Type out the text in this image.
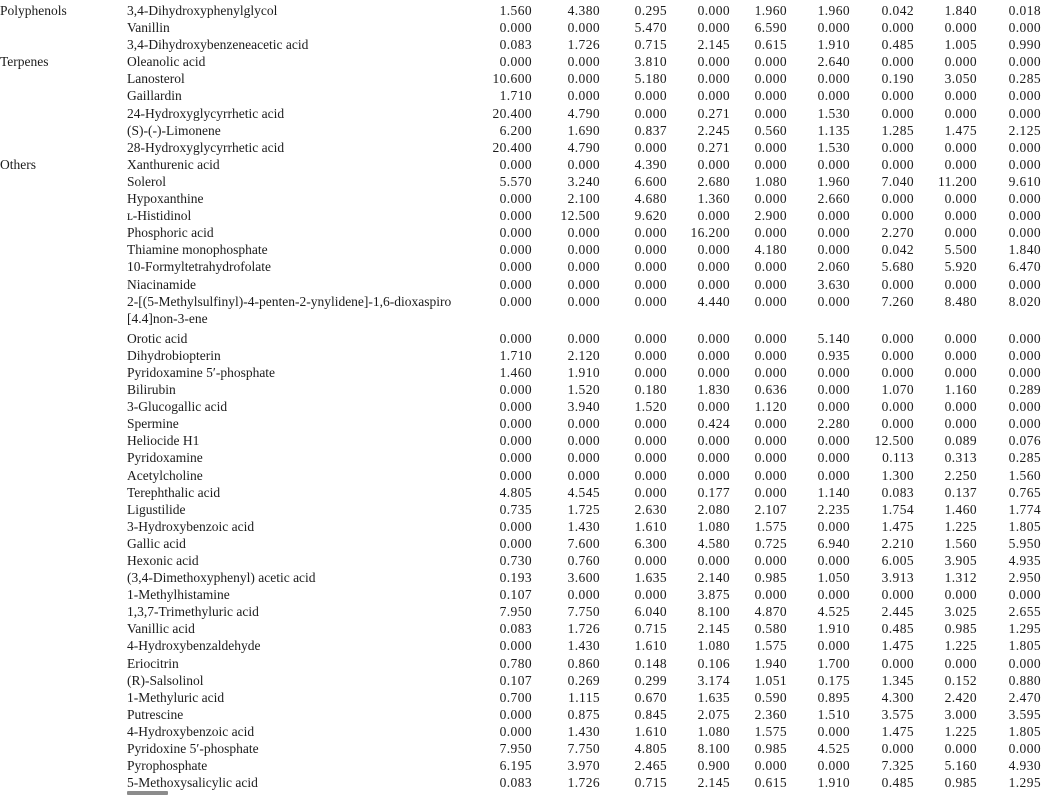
Polyphenols	3,4-Dihydroxyphenylglycol	1.560	4.380	0.295	0.000	1.960	1.960	0.042	1.840	0.018
	Vanillin	0.000	0.000	5.470	0.000	6.590	0.000	0.000	0.000	0.000
	3,4-Dihydroxybenzeneacetic acid	0.083	1.726	0.715	2.145	0.615	1.910	0.485	1.005	0.990
Terpenes	Oleanolic acid	0.000	0.000	3.810	0.000	0.000	2.640	0.000	0.000	0.000
	Lanosterol	10.600	0.000	5.180	0.000	0.000	0.000	0.190	3.050	0.285
	Gaillardin	1.710	0.000	0.000	0.000	0.000	0.000	0.000	0.000	0.000
	24-Hydroxyglycyrrhetic acid	20.400	4.790	0.000	0.271	0.000	1.530	0.000	0.000	0.000
	(S)-(-)-Limonene	6.200	1.690	0.837	2.245	0.560	1.135	1.285	1.475	2.125
	28-Hydroxyglycyrrhetic acid	20.400	4.790	0.000	0.271	0.000	1.530	0.000	0.000	0.000
Others	Xanthurenic acid	0.000	0.000	4.390	0.000	0.000	0.000	0.000	0.000	0.000
	Solerol	5.570	3.240	6.600	2.680	1.080	1.960	7.040	11.200	9.610
	Hypoxanthine	0.000	2.100	4.680	1.360	0.000	2.660	0.000	0.000	0.000
	ʟ-Histidinol	0.000	12.500	9.620	0.000	2.900	0.000	0.000	0.000	0.000
	Phosphoric acid	0.000	0.000	0.000	16.200	0.000	0.000	2.270	0.000	0.000
	Thiamine monophosphate	0.000	0.000	0.000	0.000	4.180	0.000	0.042	5.500	1.840
	10-Formyltetrahydrofolate	0.000	0.000	0.000	0.000	0.000	2.060	5.680	5.920	6.470
	Niacinamide	0.000	0.000	0.000	0.000	0.000	3.630	0.000	0.000	0.000
	2-[(5-Methylsulfinyl)-4-penten-2-ynylidene]-1,6-dioxaspiro
[4.4]non-3-ene	0.000	0.000	0.000	4.440	0.000	0.000	7.260	8.480	8.020
	Orotic acid	0.000	0.000	0.000	0.000	0.000	5.140	0.000	0.000	0.000
	Dihydrobiopterin	1.710	2.120	0.000	0.000	0.000	0.935	0.000	0.000	0.000
	Pyridoxamine 5′-phosphate	1.460	1.910	0.000	0.000	0.000	0.000	0.000	0.000	0.000
	Bilirubin	0.000	1.520	0.180	1.830	0.636	0.000	1.070	1.160	0.289
	3-Glucogallic acid	0.000	3.940	1.520	0.000	1.120	0.000	0.000	0.000	0.000
	Spermine	0.000	0.000	0.000	0.424	0.000	2.280	0.000	0.000	0.000
	Heliocide H1	0.000	0.000	0.000	0.000	0.000	0.000	12.500	0.089	0.076
	Pyridoxamine	0.000	0.000	0.000	0.000	0.000	0.000	0.113	0.313	0.285
	Acetylcholine	0.000	0.000	0.000	0.000	0.000	0.000	1.300	2.250	1.560
	Terephthalic acid	4.805	4.545	0.000	0.177	0.000	1.140	0.083	0.137	0.765
	Ligustilide	0.735	1.725	2.630	2.080	2.107	2.235	1.754	1.460	1.774
	3-Hydroxybenzoic acid	0.000	1.430	1.610	1.080	1.575	0.000	1.475	1.225	1.805
	Gallic acid	0.000	7.600	6.300	4.580	0.725	6.940	2.210	1.560	5.950
	Hexonic acid	0.730	0.760	0.000	0.000	0.000	0.000	6.005	3.905	4.935
	(3,4-Dimethoxyphenyl) acetic acid	0.193	3.600	1.635	2.140	0.985	1.050	3.913	1.312	2.950
	1-Methylhistamine	0.107	0.000	0.000	3.875	0.000	0.000	0.000	0.000	0.000
	1,3,7-Trimethyluric acid	7.950	7.750	6.040	8.100	4.870	4.525	2.445	3.025	2.655
	Vanillic acid	0.083	1.726	0.715	2.145	0.580	1.910	0.485	0.985	1.295
	4-Hydroxybenzaldehyde	0.000	1.430	1.610	1.080	1.575	0.000	1.475	1.225	1.805
	Eriocitrin	0.780	0.860	0.148	0.106	1.940	1.700	0.000	0.000	0.000
	(R)-Salsolinol	0.107	0.269	0.299	3.174	1.051	0.175	1.345	0.152	0.880
	1-Methyluric acid	0.700	1.115	0.670	1.635	0.590	0.895	4.300	2.420	2.470
	Putrescine	0.000	0.875	0.845	2.075	2.360	1.510	3.575	3.000	3.595
	4-Hydroxybenzoic acid	0.000	1.430	1.610	1.080	1.575	0.000	1.475	1.225	1.805
	Pyridoxine 5′-phosphate	7.950	7.750	4.805	8.100	0.985	4.525	0.000	0.000	0.000
	Pyrophosphate	6.195	3.970	2.465	0.900	0.000	0.000	7.325	5.160	4.930
	5-Methoxysalicylic acid	0.083	1.726	0.715	2.145	0.615	1.910	0.485	0.985	1.295
